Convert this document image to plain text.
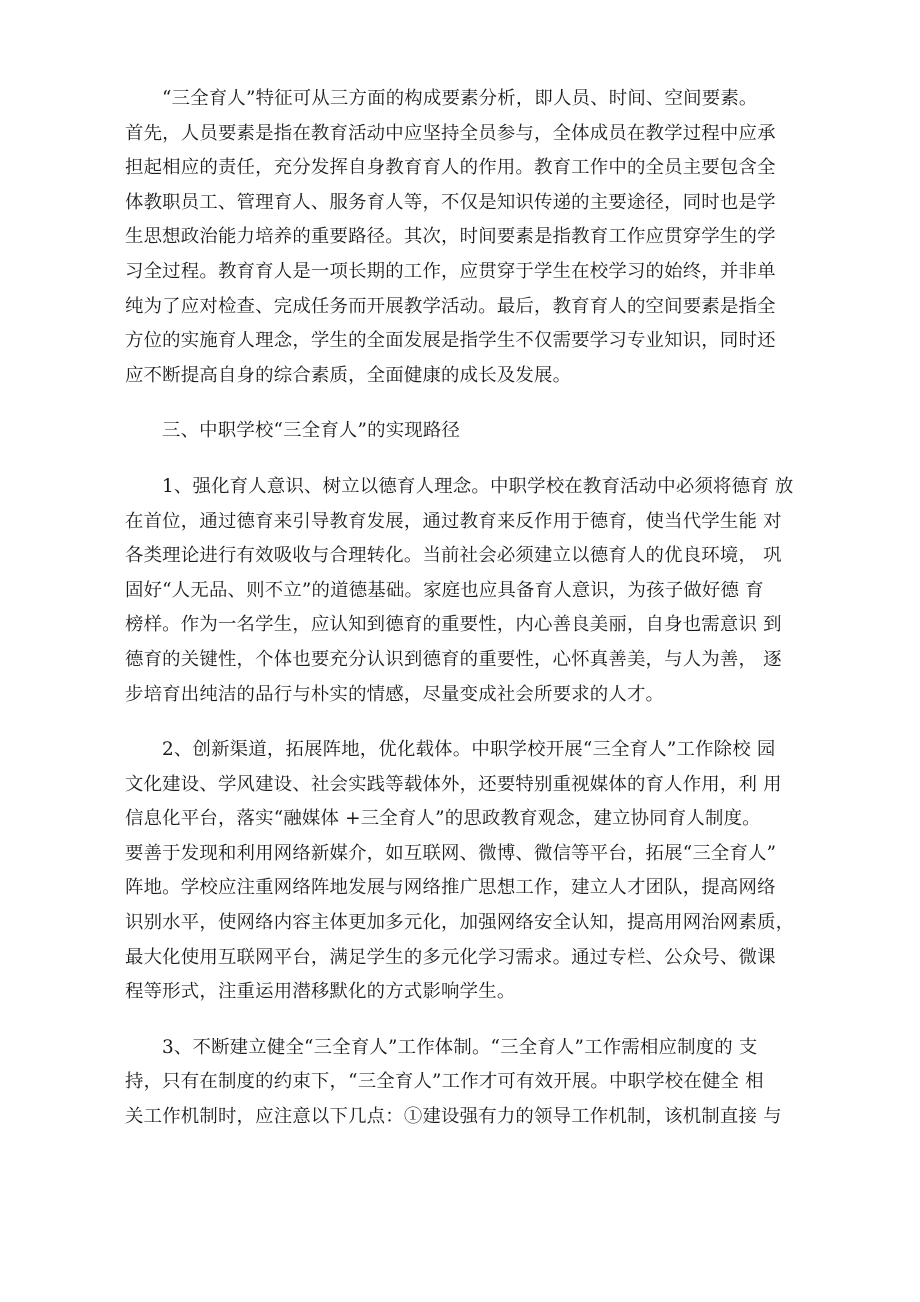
“三全育人”特征可从三方面的构成要素分析，即人员、时间、空间要素。
首先，人员要素是指在教育活动中应坚持全员参与，全体成员在教学过程中应承
担起相应的责任，充分发挥自身教育育人的作用。教育工作中的全员主要包含全
体教职员工、管理育人、服务育人等，不仅是知识传递的主要途径，同时也是学
生思想政治能力培养的重要路径。其次，时间要素是指教育工作应贯穿学生的学
习全过程。教育育人是一项长期的工作，应贯穿于学生在校学习的始终，并非单
纯为了应对检查、完成任务而开展教学活动。最后，教育育人的空间要素是指全
方位的实施育人理念，学生的全面发展是指学生不仅需要学习专业知识，同时还
应不断提高自身的综合素质，全面健康的成长及发展。
三、中职学校“三全育人”的实现路径
1、强化育人意识、树立以德育人理念。中职学校在教育活动中必须将德育 放
在首位，通过德育来引导教育发展，通过教育来反作用于德育，使当代学生能 对
各类理论进行有效吸收与合理转化。当前社会必须建立以德育人的优良环境， 巩
固好“人无品、则不立”的道德基础。家庭也应具备育人意识，为孩子做好德 育
榜样。作为一名学生，应认知到德育的重要性，内心善良美丽，自身也需意识 到
德育的关键性，个体也要充分认识到德育的重要性，心怀真善美，与人为善， 逐
步培育出纯洁的品行与朴实的情感，尽量变成社会所要求的人才。
2、创新渠道，拓展阵地，优化载体。中职学校开展“三全育人”工作除校 园
文化建设、学风建设、社会实践等载体外，还要特别重视媒体的育人作用，利 用
信息化平台，落实“融媒体 +三全育人”的思政教育观念，建立协同育人制度。
要善于发现和利用网络新媒介，如互联网、微博、微信等平台，拓展“三全育人”
阵地。学校应注重网络阵地发展与网络推广思想工作，建立人才团队，提高网络
识别水平，使网络内容主体更加多元化，加强网络安全认知，提高用网治网素质，
最大化使用互联网平台，满足学生的多元化学习需求。通过专栏、公众号、微课
程等形式，注重运用潜移默化的方式影响学生。
3、不断建立健全“三全育人”工作体制。“三全育人”工作需相应制度的 支
持，只有在制度的约束下，“三全育人”工作才可有效开展。中职学校在健全 相
关工作机制时，应注意以下几点：①建设强有力的领导工作机制，该机制直接 与
